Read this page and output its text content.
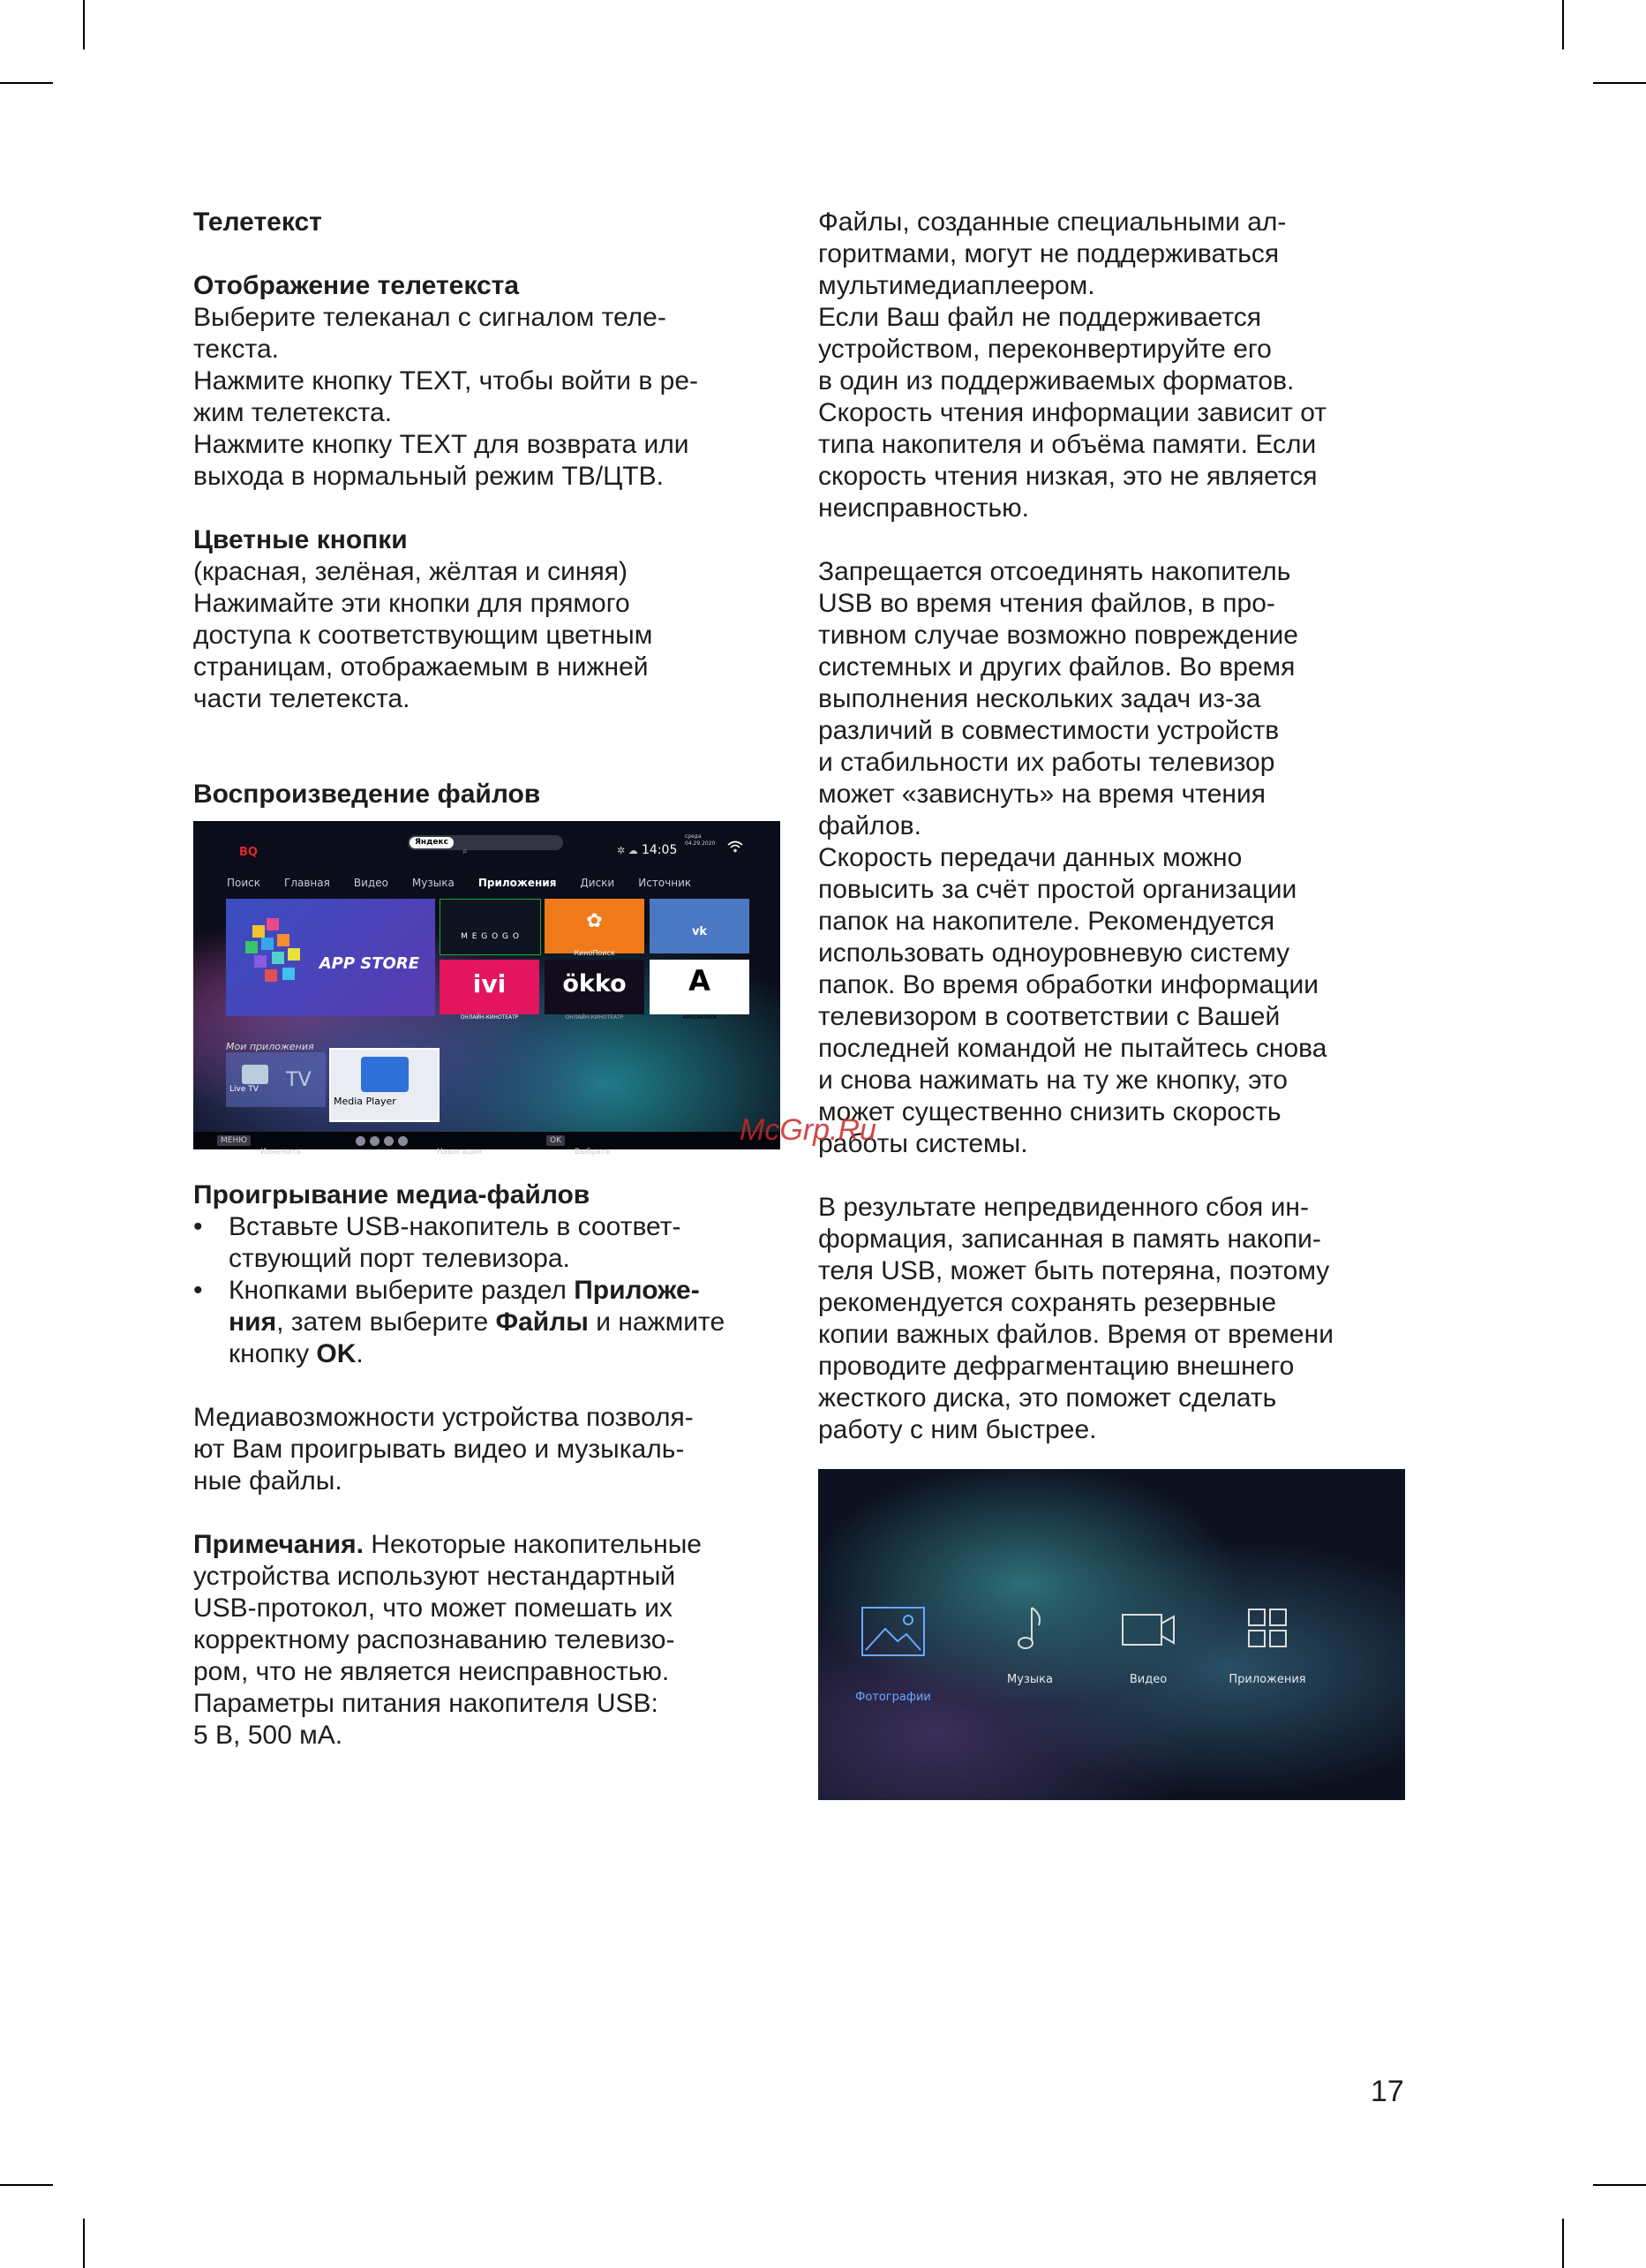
Телетекст

Отображение телетекста

Выберите телеканал с сигналом теле-

текста.

Нажмите кнопку TEXT, чтобы войти в ре-

жим телетекста.

Нажмите кнопку TEXT для возврата или

выхода в нормальный режим ТВ/ЦТВ.

Цветные кнопки

(красная, зелёная, жёлтая и синяя)

Нажимайте эти кнопки для прямого

доступа к соответствующим цветным

страницам, отображаемым в нижней

части телетекста.

Воспроизведение файлов

BQ
Яндекс
⌕	✲ ☁ 14:05
среда
04.29.2020
Поиск Главная Видео Музыка Приложения Диски Источник
APP STORE
M E G O G O
✿
КиноПоиск
vk
ivi
ОНЛАЙН-КИНОТЕАТР
ökko
ОНЛАЙН-КИНОТЕАТР
A
AMEDIATEKA
Мои приложения
TV
Live TV
Media Player
МЕНЮ
Изменить	Навигация
OK
Выбрать

Проигрывание медиа-файлов

• Вставьте USB-накопитель в соответ-
ствующий порт телевизора.
• Кнопками выберите раздел Приложе-
ния, затем выберите Файлы и нажмите
кнопку OK.

Медиавозможности устройства позволя-

ют Вам проигрывать видео и музыкаль-

ные файлы.

Примечания. Некоторые накопительные

устройства используют нестандартный

USB-протокол, что может помешать их

корректному распознаванию телевизо-

ром, что не является неисправностью.

Параметры питания накопителя USB:

5 В, 500 мА.

Файлы, созданные специальными ал-

горитмами, могут не поддерживаться

мультимедиаплеером.

Если Ваш файл не поддерживается

устройством, переконвертируйте его

в один из поддерживаемых форматов.

Скорость чтения информации зависит от

типа накопителя и объёма памяти. Если

скорость чтения низкая, это не является

неисправностью.

Запрещается отсоединять накопитель

USB во время чтения файлов, в про-

тивном случае возможно повреждение

системных и других файлов. Во время

выполнения нескольких задач из-за

различий в совместимости устройств

и стабильности их работы телевизор

может «зависнуть» на время чтения

файлов.

Скорость передачи данных можно

повысить за счёт простой организации

папок на накопителе. Рекомендуется

использовать одноуровневую систему

папок. Во время обработки информации

телевизором в соответствии с Вашей

последней командой не пытайтесь снова

и снова нажимать на ту же кнопку, это

может существенно снизить скорость

работы системы.

В результате непредвиденного сбоя ин-

формация, записанная в память накопи-

теля USB, может быть потеряна, поэтому

рекомендуется сохранять резервные

копии важных файлов. Время от времени

проводите дефрагментацию внешнего

жесткого диска, это поможет сделать

работу с ним быстрее.

Фотографии
Музыка	Видео	Приложения
McGrp.Ru
17
